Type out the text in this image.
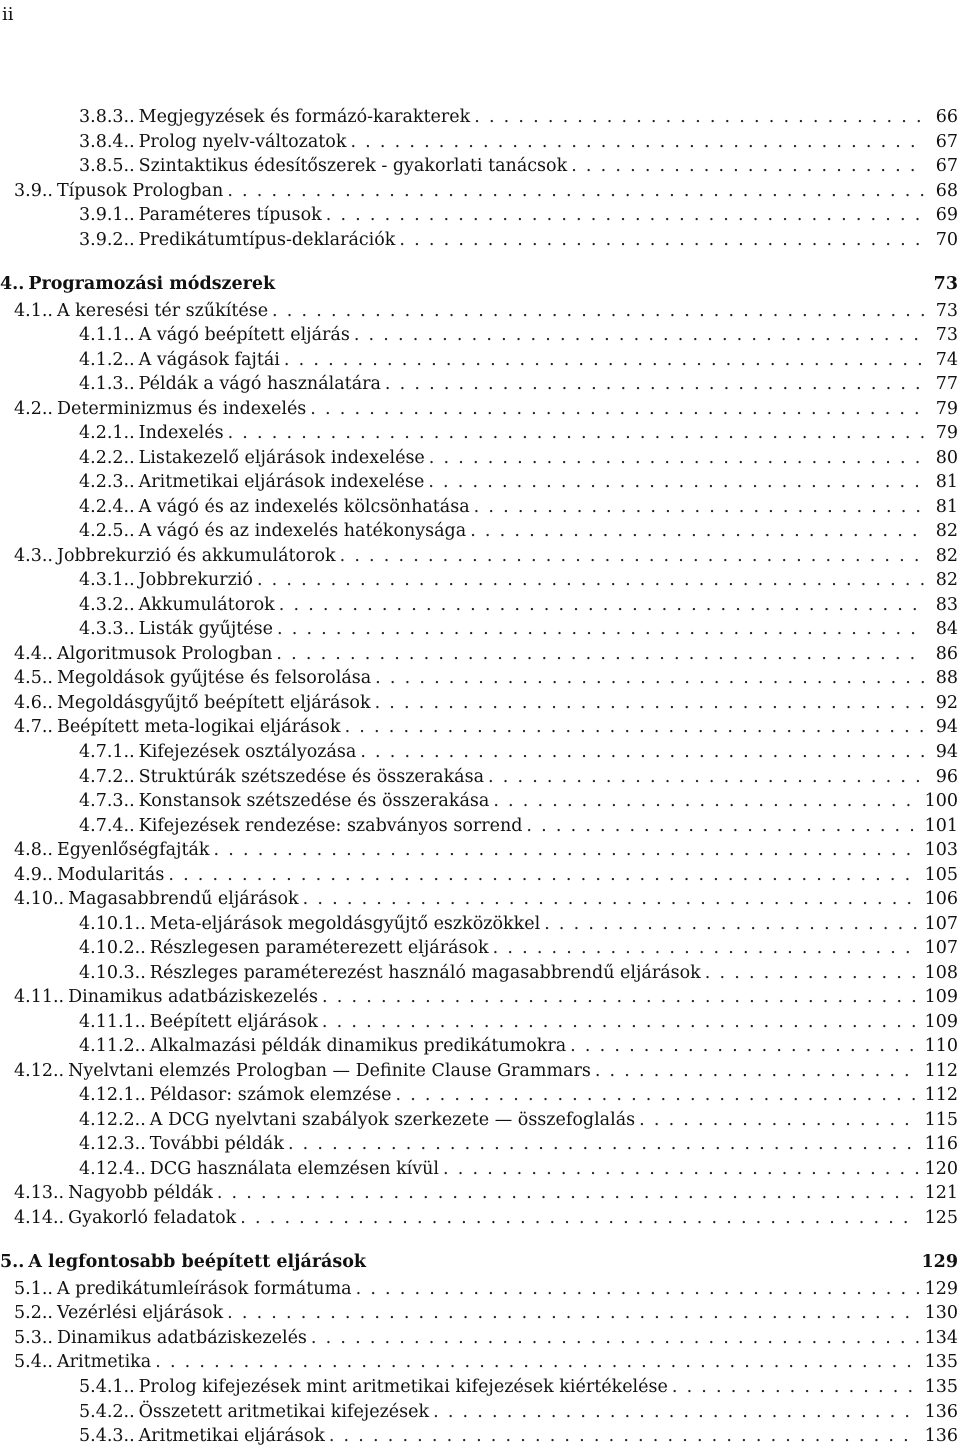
ii
3.8.3.. Megjegyzések és formázó-karakterek . . .	66
3.8.4.. Prolog nyelv-változatok . . .	67
3.8.5.. Szintaktikus édesítőszerek - gyakorlati tanácsok . . .	67
3.9.. Típusok Prologban . . .	68
3.9.1.. Paraméteres típusok . . .	69
3.9.2.. Predikátumtípus-deklarációk . . .	70
4.. Programozási módszerek	73
4.1.. A keresési tér szűkítése . . .	73
4.1.1.. A vágó beépített eljárás . . .	73
4.1.2.. A vágások fajtái . . .	74
4.1.3.. Példák a vágó használatára . . .	77
4.2.. Determinizmus és indexelés . . .	79
4.2.1.. Indexelés . . .	79
4.2.2.. Listakezelő eljárások indexelése . . .	80
4.2.3.. Aritmetikai eljárások indexelése . . .	81
4.2.4.. A vágó és az indexelés kölcsönhatása . . .	81
4.2.5.. A vágó és az indexelés hatékonysága . . .	82
4.3.. Jobbrekurzió és akkumulátorok . . .	82
4.3.1.. Jobbrekurzió . . .	82
4.3.2.. Akkumulátorok . . .	83
4.3.3.. Listák gyűjtése . . .	84
4.4.. Algoritmusok Prologban . . .	86
4.5.. Megoldások gyűjtése és felsorolása . . .	88
4.6.. Megoldásgyűjtő beépített eljárások . . .	92
4.7.. Beépített meta-logikai eljárások . . .	94
4.7.1.. Kifejezések osztályozása . . .	94
4.7.2.. Struktúrák szétszedése és összerakása . . .	96
4.7.3.. Konstansok szétszedése és összerakása . . .	100
4.7.4.. Kifejezések rendezése: szabványos sorrend . . .	101
4.8.. Egyenlőségfajták . . .	103
4.9.. Modularitás . . .	105
4.10.. Magasabbrendű eljárások . . .	106
4.10.1.. Meta-eljárások megoldásgyűjtő eszközökkel . . .	107
4.10.2.. Részlegesen paraméterezett eljárások . . .	107
4.10.3.. Részleges paraméterezést használó magasabbrendű eljárások . . .	108
4.11.. Dinamikus adatbáziskezelés . . .	109
4.11.1.. Beépített eljárások . . .	109
4.11.2.. Alkalmazási példák dinamikus predikátumokra . . .	110
4.12.. Nyelvtani elemzés Prologban — Definite Clause Grammars . . .	112
4.12.1.. Példasor: számok elemzése . . .	112
4.12.2.. A DCG nyelvtani szabályok szerkezete — összefoglalás . . .	115
4.12.3.. További példák . . .	116
4.12.4.. DCG használata elemzésen kívül . . .	120
4.13.. Nagyobb példák . . .	121
4.14.. Gyakorló feladatok . . .	125
5.. A legfontosabb beépített eljárások	129
5.1.. A predikátumleírások formátuma . . .	129
5.2.. Vezérlési eljárások . . .	130
5.3.. Dinamikus adatbáziskezelés . . .	134
5.4.. Aritmetika . . .	135
5.4.1.. Prolog kifejezések mint aritmetikai kifejezések kiértékelése . . .	135
5.4.2.. Összetett aritmetikai kifejezések . . .	136
5.4.3.. Aritmetikai eljárások . . .	136
